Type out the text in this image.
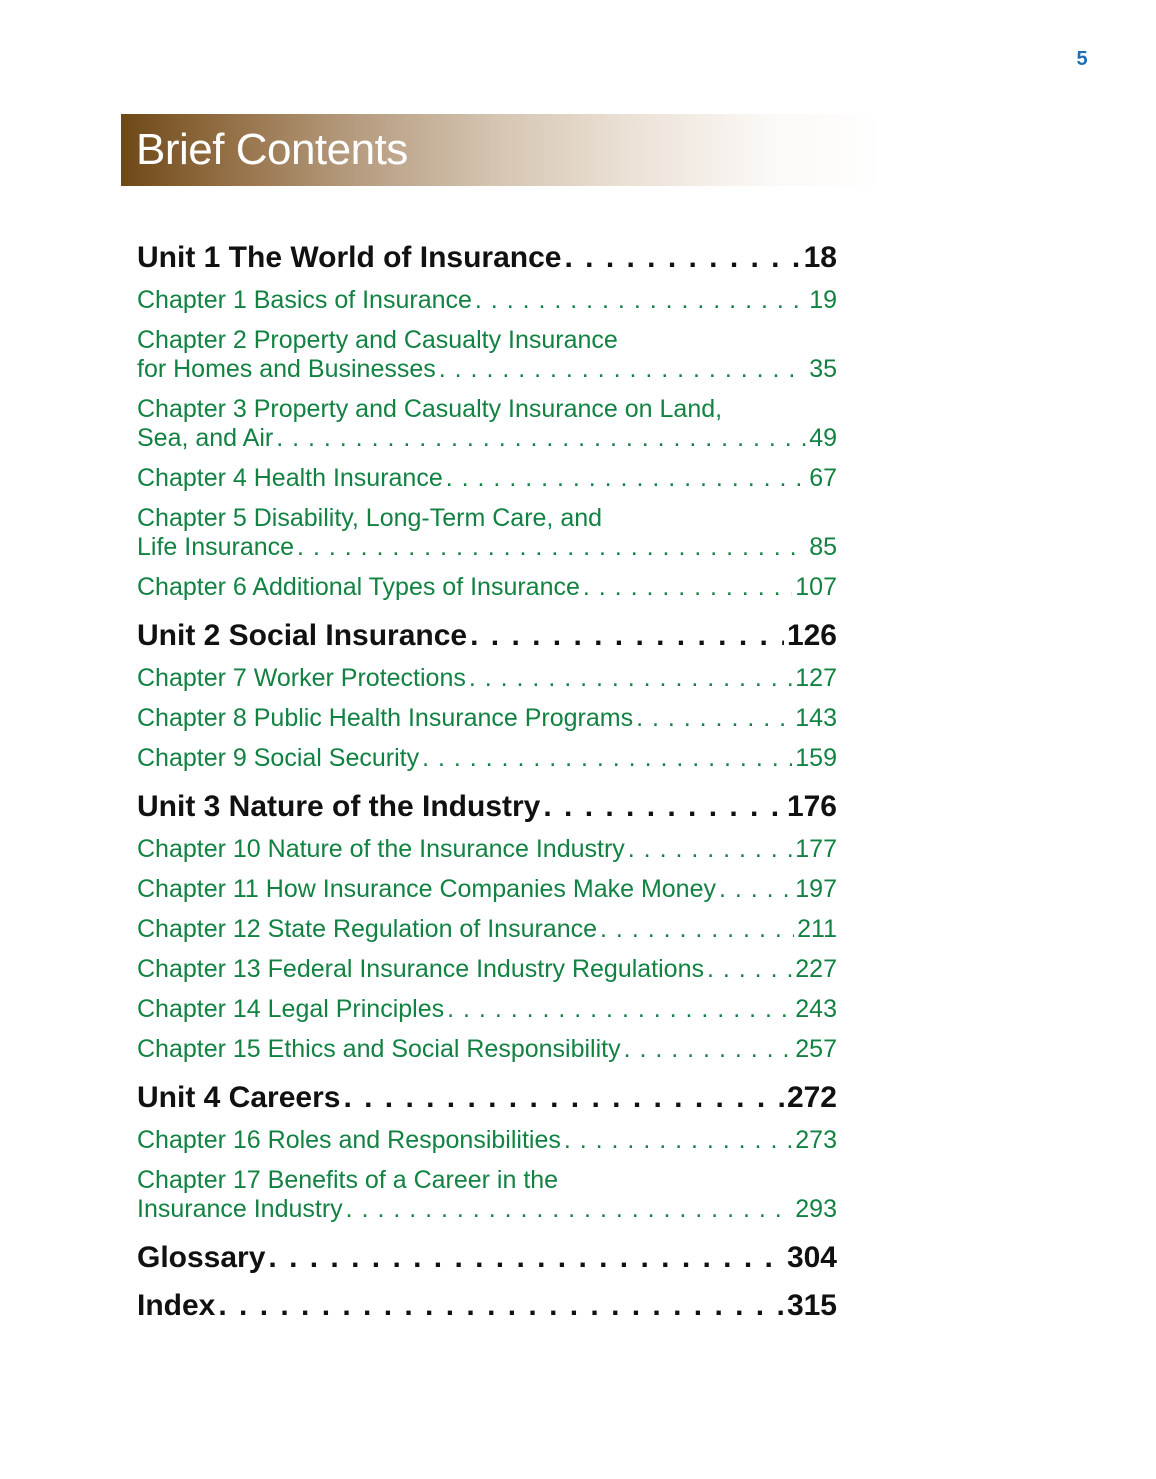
5
Brief Contents
Unit 1 The World of Insurance . . .	18
Chapter 1 Basics of Insurance . . .	19
Chapter 2 Property and Casualty Insurance
for Homes and Businesses . . .	35
Chapter 3 Property and Casualty Insurance on Land,
Sea, and Air . . .	49
Chapter 4 Health Insurance . . .	67
Chapter 5 Disability, Long-Term Care, and
Life Insurance . . .	85
Chapter 6 Additional Types of Insurance . . .	107
Unit 2 Social Insurance . . .	126
Chapter 7 Worker Protections . . .	127
Chapter 8 Public Health Insurance Programs . . .	143
Chapter 9 Social Security . . .	159
Unit 3 Nature of the Industry . . .	176
Chapter 10 Nature of the Insurance Industry . . .	177
Chapter 11 How Insurance Companies Make Money . . .	197
Chapter 12 State Regulation of Insurance . . .	211
Chapter 13 Federal Insurance Industry Regulations . . .	227
Chapter 14 Legal Principles . . .	243
Chapter 15 Ethics and Social Responsibility . . .	257
Unit 4 Careers . . .	272
Chapter 16 Roles and Responsibilities . . .	273
Chapter 17 Benefits of a Career in the
Insurance Industry . . .	293
Glossary . . .	304
Index . . .	315
